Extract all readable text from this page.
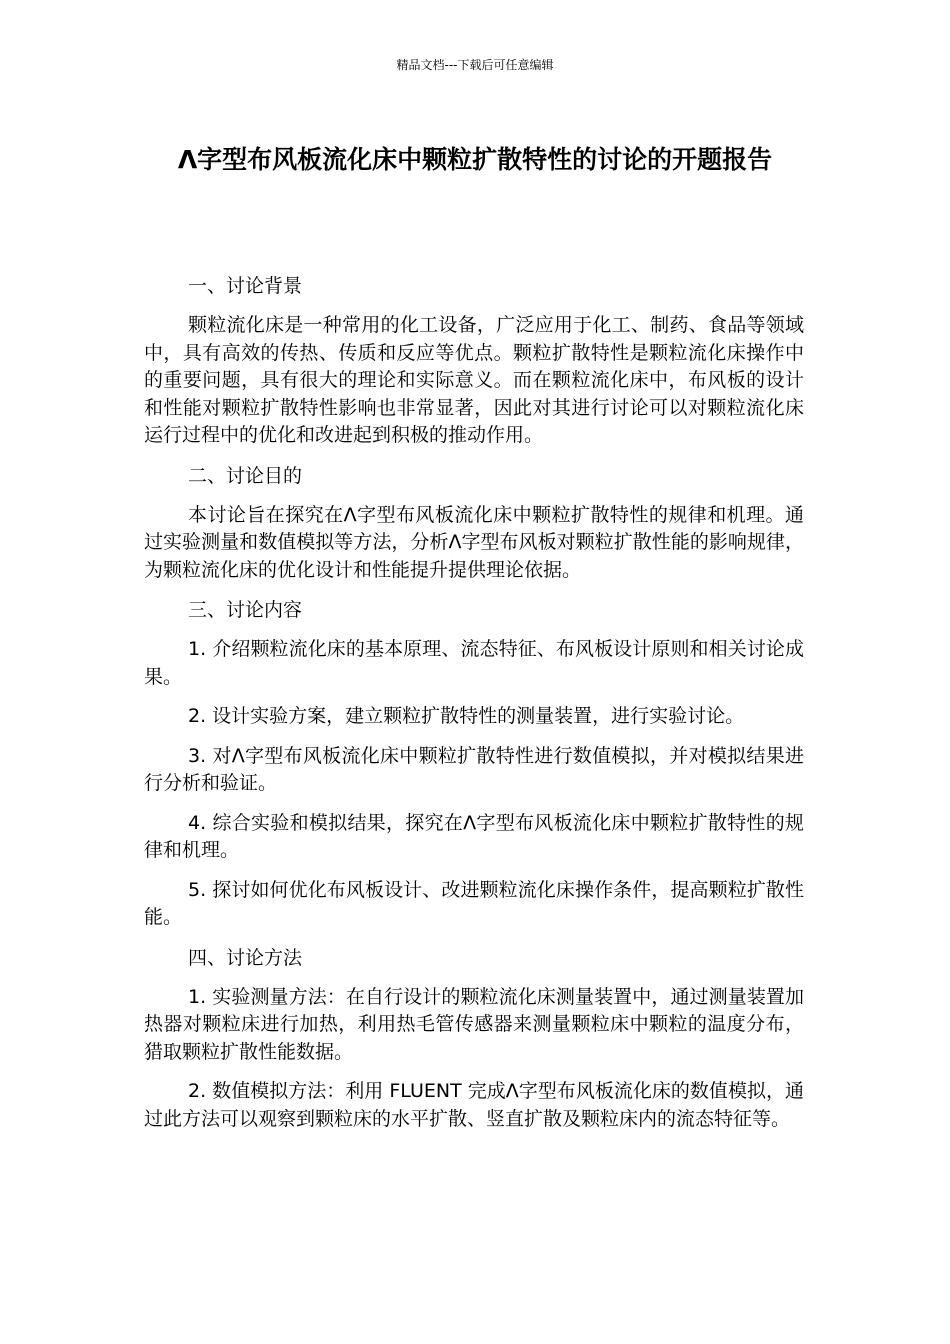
精品文档---下载后可任意编辑
Λ字型布风板流化床中颗粒扩散特性的讨论的开题报告

一、讨论背景

颗粒流化床是一种常用的化工设备，广泛应用于化工、制药、食品等领域中，具有高效的传热、传质和反应等优点。颗粒扩散特性是颗粒流化床操作中的重要问题，具有很大的理论和实际意义。而在颗粒流化床中，布风板的设计和性能对颗粒扩散特性影响也非常显著，因此对其进行讨论可以对颗粒流化床运行过程中的优化和改进起到积极的推动作用。

二、讨论目的

本讨论旨在探究在Λ字型布风板流化床中颗粒扩散特性的规律和机理。通过实验测量和数值模拟等方法，分析Λ字型布风板对颗粒扩散性能的影响规律，为颗粒流化床的优化设计和性能提升提供理论依据。

三、讨论内容

1. 介绍颗粒流化床的基本原理、流态特征、布风板设计原则和相关讨论成果。

2. 设计实验方案，建立颗粒扩散特性的测量装置，进行实验讨论。

3. 对Λ字型布风板流化床中颗粒扩散特性进行数值模拟，并对模拟结果进行分析和验证。

4. 综合实验和模拟结果，探究在Λ字型布风板流化床中颗粒扩散特性的规律和机理。

5. 探讨如何优化布风板设计、改进颗粒流化床操作条件，提高颗粒扩散性能。

四、讨论方法

1. 实验测量方法：在自行设计的颗粒流化床测量装置中，通过测量装置加热器对颗粒床进行加热，利用热毛管传感器来测量颗粒床中颗粒的温度分布，猎取颗粒扩散性能数据。

2. 数值模拟方法：利用 FLUENT 完成Λ字型布风板流化床的数值模拟，通过此方法可以观察到颗粒床的水平扩散、竖直扩散及颗粒床内的流态特征等。
